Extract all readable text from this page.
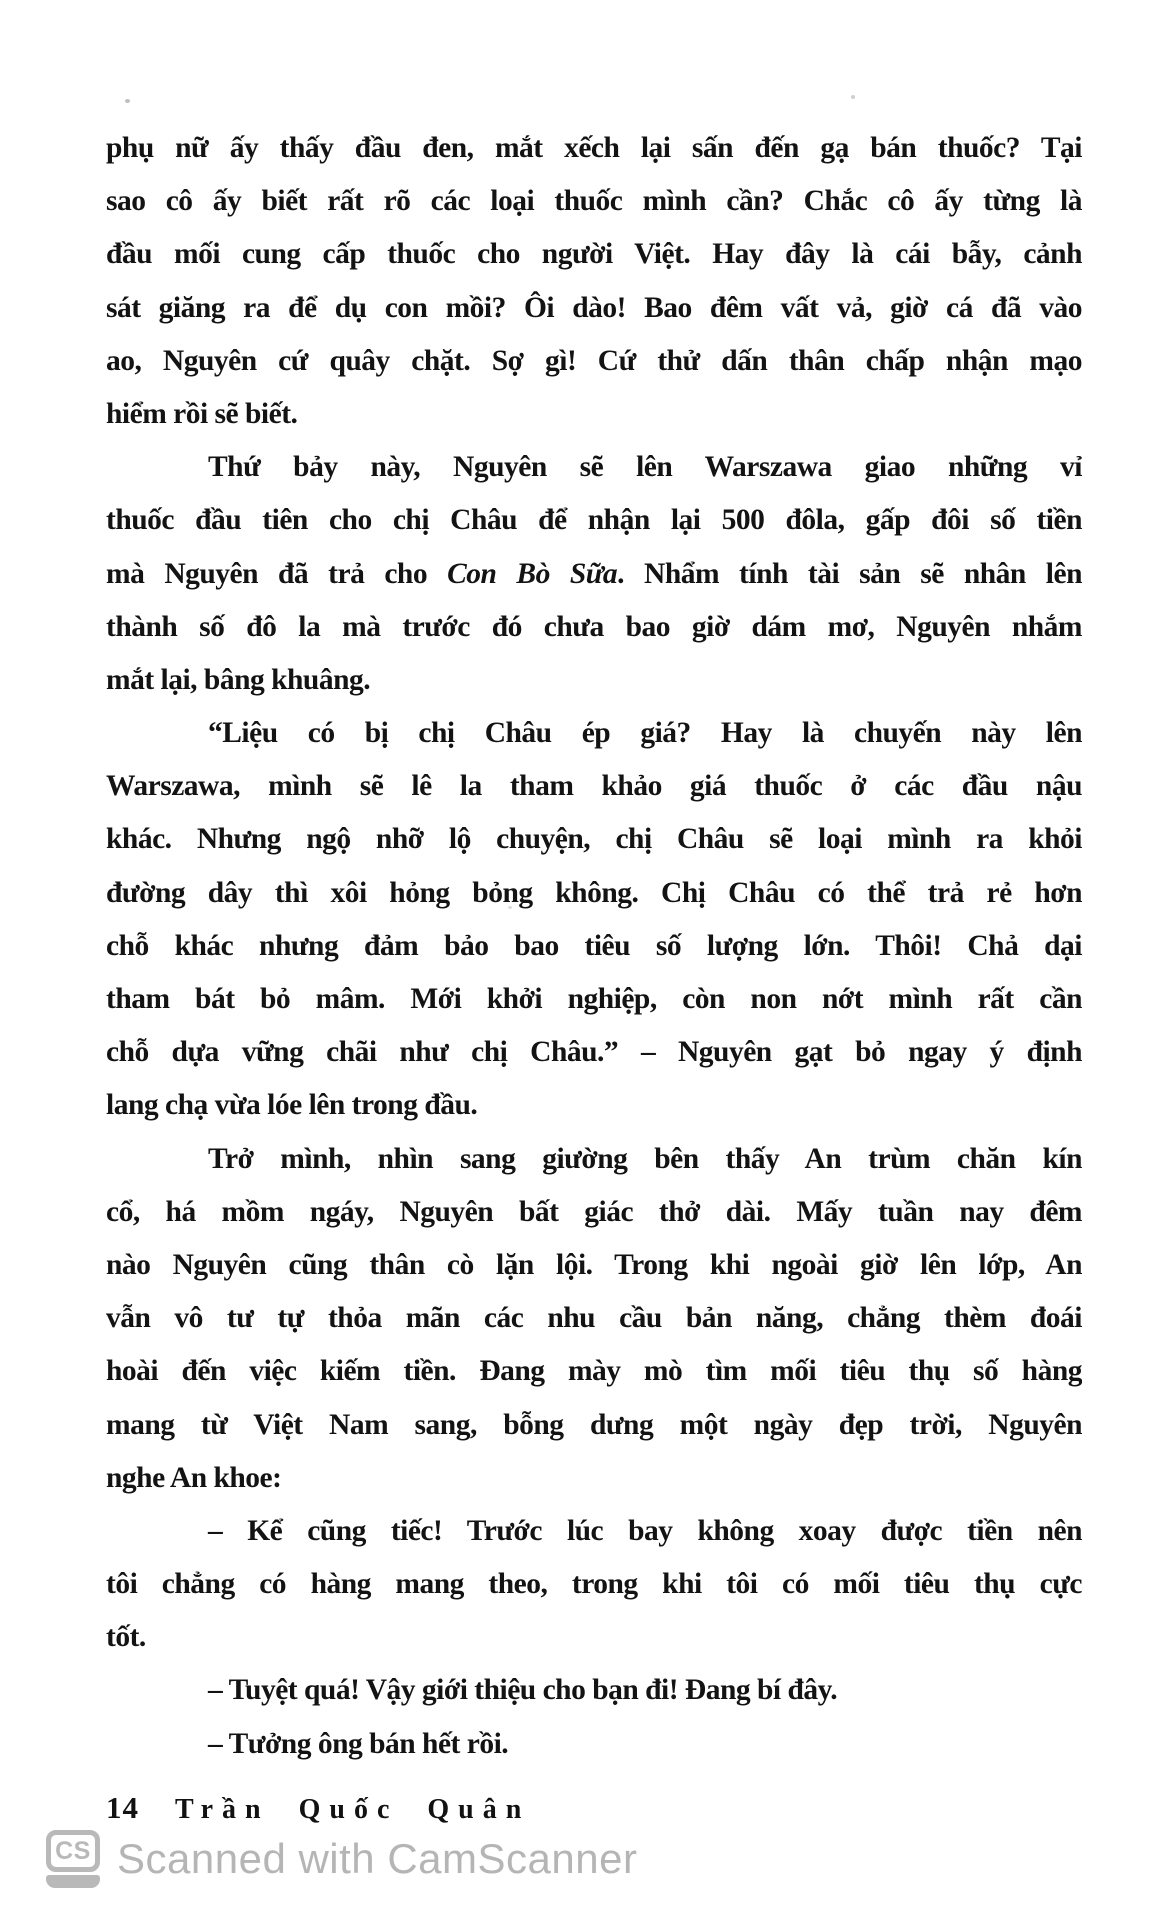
phụ nữ ấy thấy đầu đen, mắt xếch lại sấn đến gạ bán thuốc? Tại
sao cô ấy biết rất rõ các loại thuốc mình cần? Chắc cô ấy từng là
đầu mối cung cấp thuốc cho người Việt. Hay đây là cái bẫy, cảnh
sát giăng ra để dụ con mồi? Ôi dào! Bao đêm vất vả, giờ cá đã vào
ao, Nguyên cứ quây chặt. Sợ gì! Cứ thử dấn thân chấp nhận mạo
hiểm rồi sẽ biết.
Thứ bảy này, Nguyên sẽ lên Warszawa giao những vỉ
thuốc đầu tiên cho chị Châu để nhận lại 500 đôla, gấp đôi số tiền
mà Nguyên đã trả cho Con Bò Sữa. Nhẩm tính tài sản sẽ nhân lên
thành số đô la mà trước đó chưa bao giờ dám mơ, Nguyên nhắm
mắt lại, bâng khuâng.
“Liệu có bị chị Châu ép giá? Hay là chuyến này lên
Warszawa, mình sẽ lê la tham khảo giá thuốc ở các đầu nậu
khác. Nhưng ngộ nhỡ lộ chuyện, chị Châu sẽ loại mình ra khỏi
đường dây thì xôi hỏng bỏng không. Chị Châu có thể trả rẻ hơn
chỗ khác nhưng đảm bảo bao tiêu số lượng lớn. Thôi! Chả dại
tham bát bỏ mâm. Mới khởi nghiệp, còn non nớt mình rất cần
chỗ dựa vững chãi như chị Châu.” – Nguyên gạt bỏ ngay ý định
lang chạ vừa lóe lên trong đầu.
Trở mình, nhìn sang giường bên thấy An trùm chăn kín
cổ, há mồm ngáy, Nguyên bất giác thở dài. Mấy tuần nay đêm
nào Nguyên cũng thân cò lặn lội. Trong khi ngoài giờ lên lớp, An
vẫn vô tư tự thỏa mãn các nhu cầu bản năng, chẳng thèm đoái
hoài đến việc kiếm tiền. Đang mày mò tìm mối tiêu thụ số hàng
mang từ Việt Nam sang, bỗng dưng một ngày đẹp trời, Nguyên
nghe An khoe:
– Kể cũng tiếc! Trước lúc bay không xoay được tiền nên
tôi chẳng có hàng mang theo, trong khi tôi có mối tiêu thụ cực
tốt.
– Tuyệt quá! Vậy giới thiệu cho bạn đi! Đang bí đây.
– Tưởng ông bán hết rồi.
14 Trần Quốc Quân
CS Scanned with CamScanner
